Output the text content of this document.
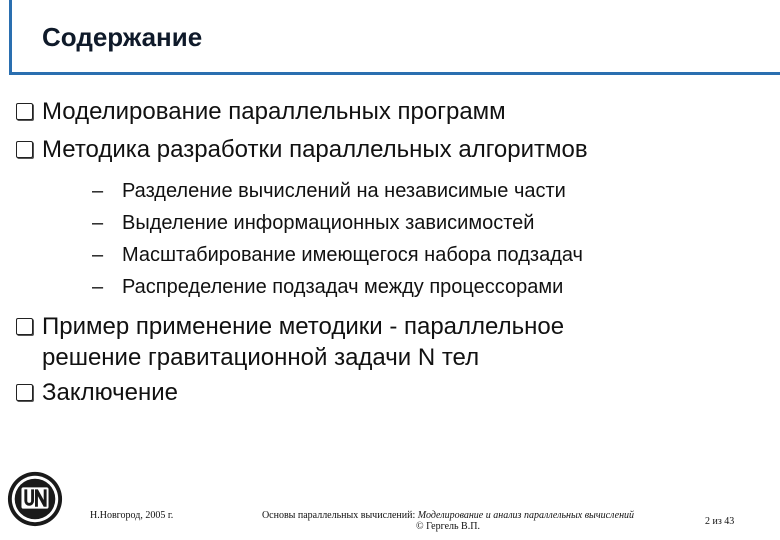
Содержание
Моделирование параллельных программ
Методика разработки параллельных алгоритмов
– Разделение вычислений на независимые части
– Выделение информационных зависимостей
– Масштабирование имеющегося набора подзадач
– Распределение подзадач между процессорами
Пример применение методики - параллельное
решение гравитационной задачи N тел
Заключение
Н.Новгород, 2005 г.	Основы параллельных вычислений: Моделирование и анализ параллельных вычислений
© Гергель В.П.	2 из 43
